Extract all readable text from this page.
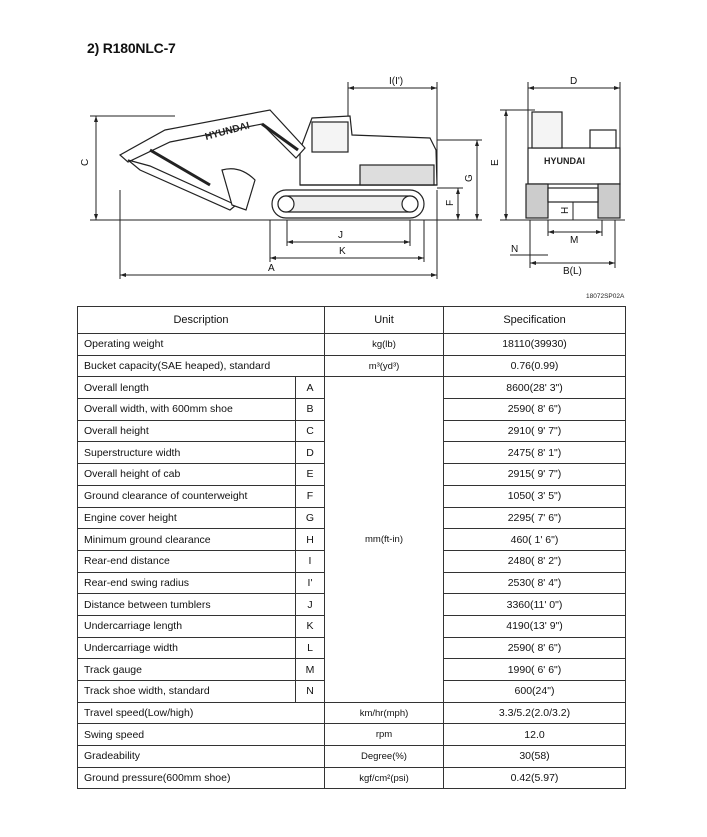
2) R180NLC-7
HYUNDAI
I(I')
C
G
F
J
K
A
HYUNDAI
D
E
H
M
N
B(L)
18072SP02A
Description		Unit	Specification
Operating weight		kg(lb)	18110(39930)
Bucket capacity(SAE heaped), standard		m³(yd³)	0.76(0.99)
Overall length	A	mm(ft-in)	8600(28' 3")
Overall width, with 600mm shoe	B		2590( 8' 6")
Overall height	C		2910( 9' 7")
Superstructure width	D		2475( 8' 1")
Overall height of cab	E		2915( 9' 7")
Ground clearance of counterweight	F		1050( 3' 5")
Engine cover height	G		2295( 7' 6")
Minimum ground clearance	H		460( 1' 6")
Rear-end distance	I		2480( 8' 2")
Rear-end swing radius	I'		2530( 8' 4")
Distance between tumblers	J		3360(11' 0")
Undercarriage length	K		4190(13' 9")
Undercarriage width	L		2590( 8' 6")
Track gauge	M		1990( 6' 6")
Track shoe width, standard	N		600(24")
Travel speed(Low/high)		km/hr(mph)	3.3/5.2(2.0/3.2)
Swing speed		rpm	12.0
Gradeability		Degree(%)	30(58)
Ground pressure(600mm shoe)		kgf/cm²(psi)	0.42(5.97)
